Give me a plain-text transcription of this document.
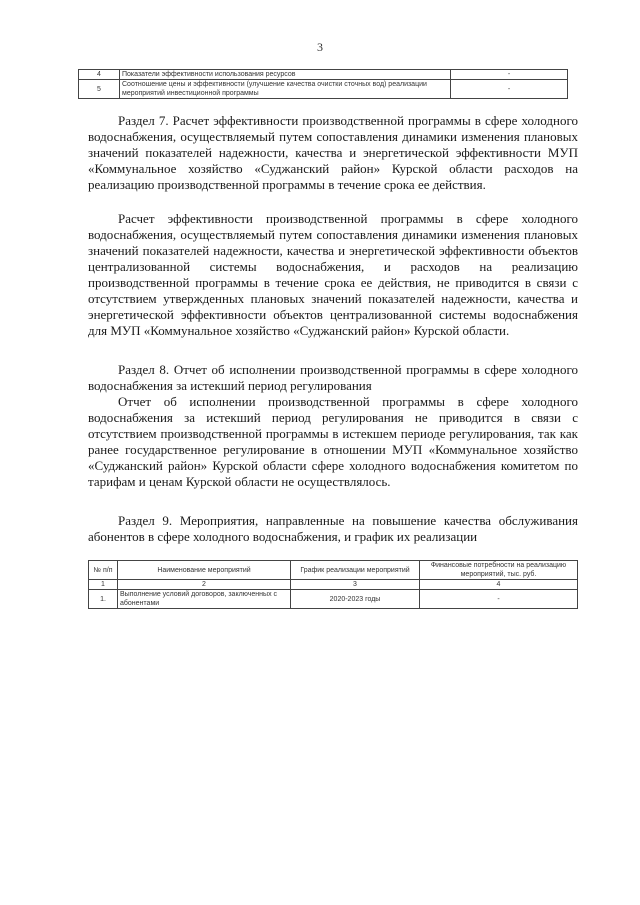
3
4	Показатели эффективности использования ресурсов	-
5	Соотношение цены и эффективности (улучшение качества очистки сточных вод) реализации мероприятий инвестиционной программы	-

Раздел 7. Расчет эффективности производственной программы в сфере холодного водоснабжения, осуществляемый путем сопоставления динамики изменения плановых значений показателей надежности, качества и энергетической эффективности МУП «Коммунальное хозяйство «Суджанский район» Курской области расходов на реализацию производственной программы в течение срока ее действия.

Расчет эффективности производственной программы в сфере холодного водоснабжения, осуществляемый путем сопоставления динамики изменения плановых значений показателей надежности, качества и энергетической эффективности объектов централизованной системы водоснабжения, и расходов на реализацию производственной программы в течение срока ее действия, не приводится в связи с отсутствием утвержденных плановых значений показателей надежности, качества и энергетической эффективности объектов централизованной системы водоснабжения для МУП «Коммунальное хозяйство «Суджанский район» Курской области.

Раздел 8. Отчет об исполнении производственной программы в сфере холодного водоснабжения за истекший период регулирования

Отчет об исполнении производственной программы в сфере холодного водоснабжения за истекший период регулирования не приводится в связи с отсутствием производственной программы в истекшем периоде регулирования, так как ранее государственное регулирование в отношении МУП «Коммунальное хозяйство «Суджанский район» Курской области сфере холодного водоснабжения комитетом по тарифам и ценам Курской области не осуществлялось.

Раздел 9. Мероприятия, направленные на повышение качества обслуживания абонентов в сфере холодного водоснабжения, и график их реализации

№ п/п	Наименование мероприятий	График реализации мероприятий	Финансовые потребности на реализацию мероприятий, тыс. руб.
1	2	3	4
1.	Выполнение условий договоров, заключенных с абонентами	2020-2023 годы	-
